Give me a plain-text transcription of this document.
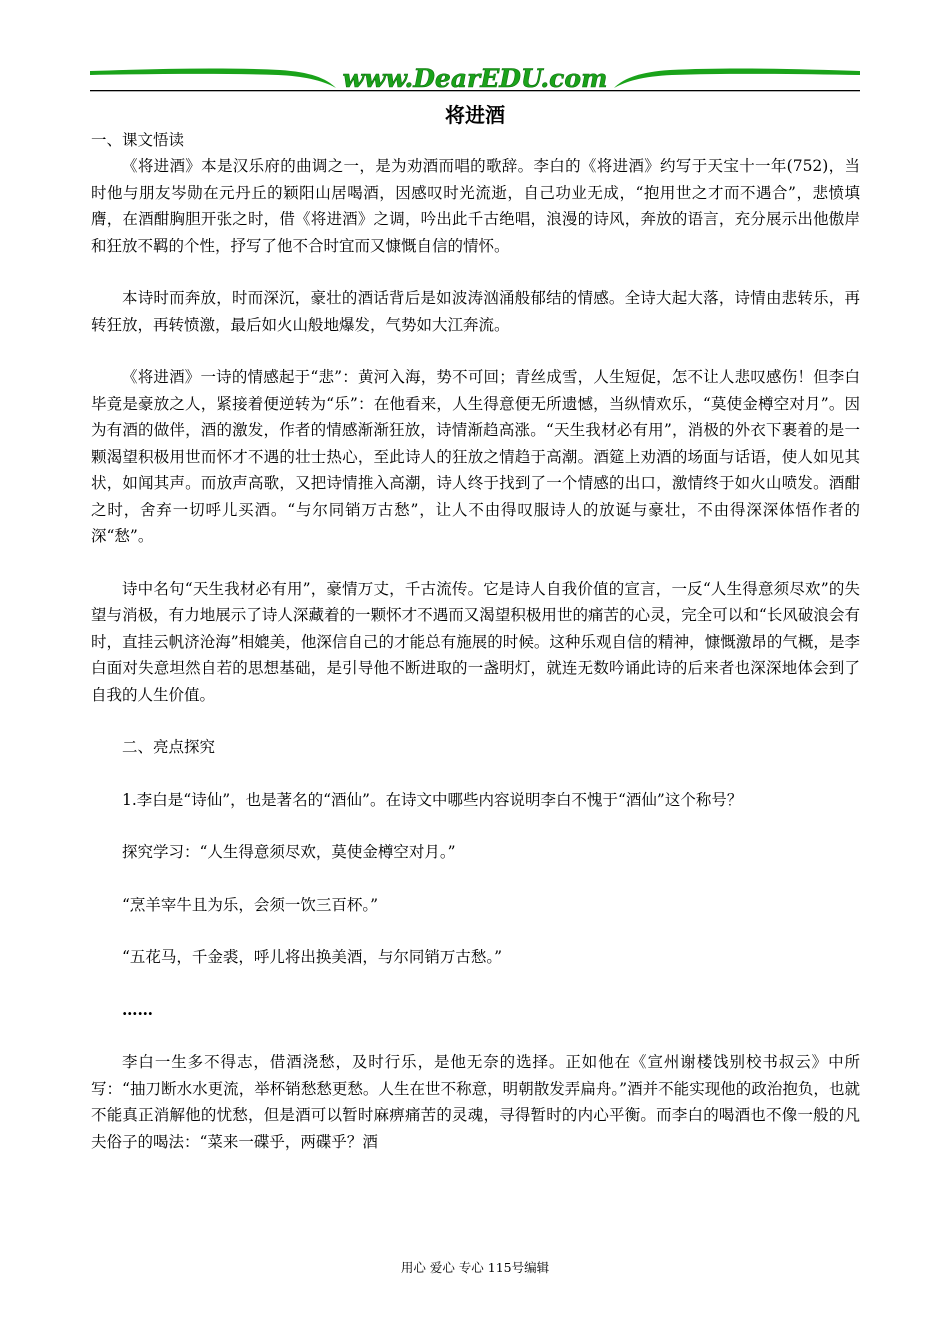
www.DearEDU.com
将进酒

一、课文悟读

《将进酒》本是汉乐府的曲调之一，是为劝酒而唱的歌辞。李白的《将进酒》约写于天宝十一年(752)，当时他与朋友岑勋在元丹丘的颖阳山居喝酒，因感叹时光流逝，自己功业无成，“抱用世之才而不遇合”，悲愤填膺，在酒酣胸胆开张之时，借《将进酒》之调，吟出此千古绝唱，浪漫的诗风，奔放的语言，充分展示出他傲岸和狂放不羁的个性，抒写了他不合时宜而又慷慨自信的情怀。

本诗时而奔放，时而深沉，豪壮的酒话背后是如波涛汹涌般郁结的情感。全诗大起大落，诗情由悲转乐，再转狂放，再转愤激，最后如火山般地爆发，气势如大江奔流。

《将进酒》一诗的情感起于“悲”：黄河入海，势不可回；青丝成雪，人生短促，怎不让人悲叹感伤！但李白毕竟是豪放之人，紧接着便逆转为“乐”：在他看来，人生得意便无所遗憾，当纵情欢乐，“莫使金樽空对月”。因为有酒的做伴，酒的激发，作者的情感渐渐狂放，诗情渐趋高涨。“天生我材必有用”，消极的外衣下裹着的是一颗渴望积极用世而怀才不遇的壮士热心，至此诗人的狂放之情趋于高潮。酒筵上劝酒的场面与话语，使人如见其状，如闻其声。而放声高歌，又把诗情推入高潮，诗人终于找到了一个情感的出口，激情终于如火山喷发。酒酣之时，舍弃一切呼儿买酒。“与尔同销万古愁”，让人不由得叹服诗人的放诞与豪壮，不由得深深体悟作者的深“愁”。

诗中名句“天生我材必有用”，豪情万丈，千古流传。它是诗人自我价值的宣言，一反“人生得意须尽欢”的失望与消极，有力地展示了诗人深藏着的一颗怀才不遇而又渴望积极用世的痛苦的心灵，完全可以和“长风破浪会有时，直挂云帆济沧海”相媲美，他深信自己的才能总有施展的时候。这种乐观自信的精神，慷慨激昂的气概，是李白面对失意坦然自若的思想基础，是引导他不断进取的一盏明灯，就连无数吟诵此诗的后来者也深深地体会到了自我的人生价值。

二、亮点探究

1.李白是“诗仙”，也是著名的“酒仙”。在诗文中哪些内容说明李白不愧于“酒仙”这个称号？

探究学习：“人生得意须尽欢，莫使金樽空对月。”

“烹羊宰牛且为乐，会须一饮三百杯。”

“五花马，千金裘，呼儿将出换美酒，与尔同销万古愁。”

……

李白一生多不得志，借酒浇愁，及时行乐，是他无奈的选择。正如他在《宣州谢楼饯别校书叔云》中所写：“抽刀断水水更流，举杯销愁愁更愁。人生在世不称意，明朝散发弄扁舟。”酒并不能实现他的政治抱负，也就不能真正消解他的忧愁，但是酒可以暂时麻痹痛苦的灵魂，寻得暂时的内心平衡。而李白的喝酒也不像一般的凡夫俗子的喝法：“菜来一碟乎，两碟乎？酒

用心 爱心 专心 115号编辑
